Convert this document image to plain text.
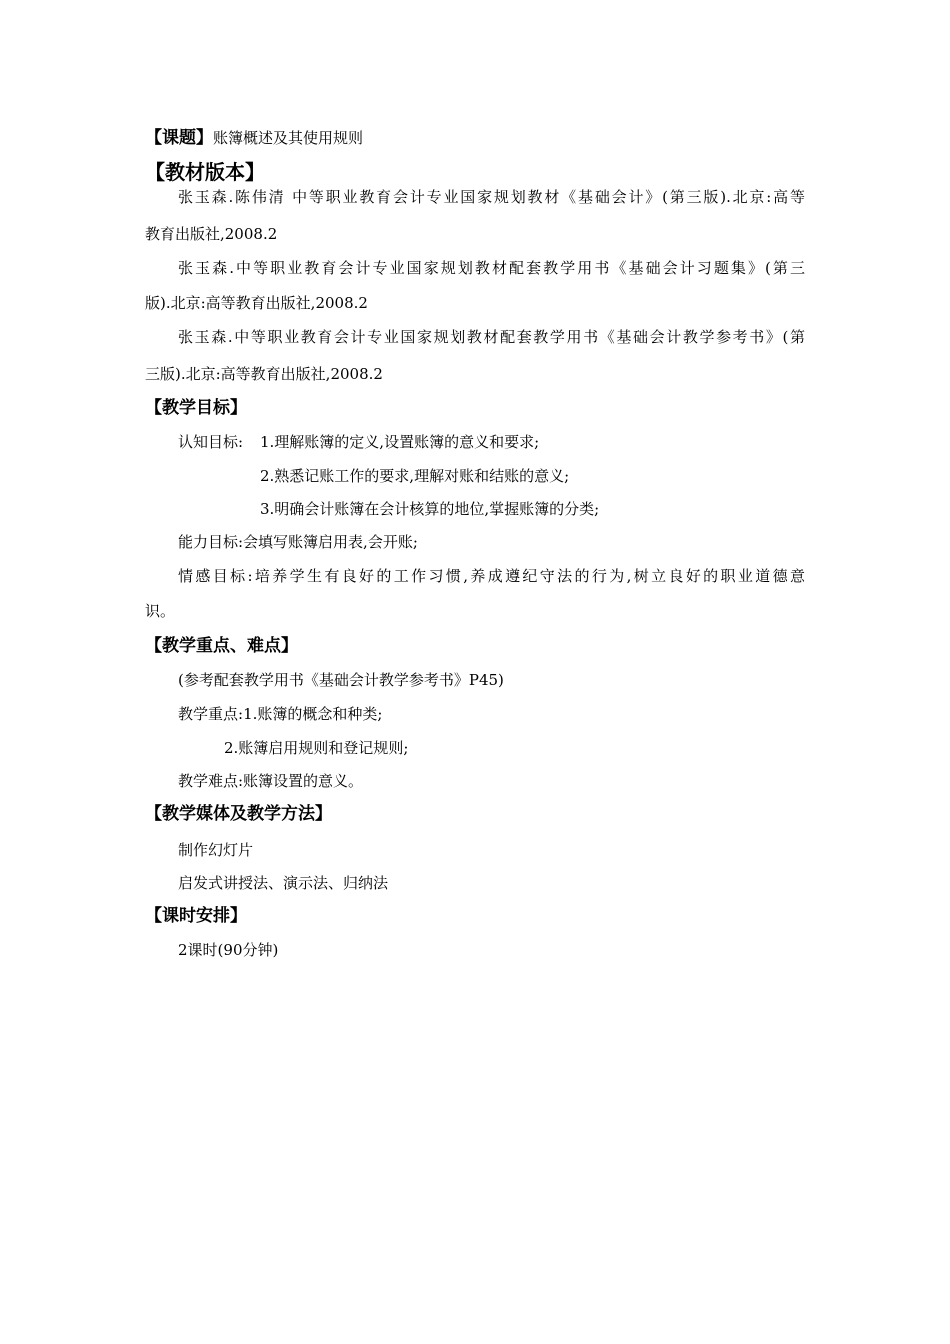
【课题】账簿概述及其使用规则
【教材版本】
张玉森.陈伟清 中等职业教育会计专业国家规划教材《基础会计》(第三版).北京:高等
教育出版社,2008.2
张玉森.中等职业教育会计专业国家规划教材配套教学用书《基础会计习题集》(第三
版).北京:高等教育出版社,2008.2
张玉森.中等职业教育会计专业国家规划教材配套教学用书《基础会计教学参考书》(第
三版).北京:高等教育出版社,2008.2
【教学目标】
认知目标: 1.理解账簿的定义,设置账簿的意义和要求;
2.熟悉记账工作的要求,理解对账和结账的意义;
3.明确会计账簿在会计核算的地位,掌握账簿的分类;
能力目标:会填写账簿启用表,会开账;
情感目标:培养学生有良好的工作习惯,养成遵纪守法的行为,树立良好的职业道德意
识。
【教学重点、难点】
(参考配套教学用书《基础会计教学参考书》P45)
教学重点:1.账簿的概念和种类;
2.账簿启用规则和登记规则;
教学难点:账簿设置的意义。
【教学媒体及教学方法】
制作幻灯片
启发式讲授法、演示法、归纳法
【课时安排】
2课时(90分钟)
